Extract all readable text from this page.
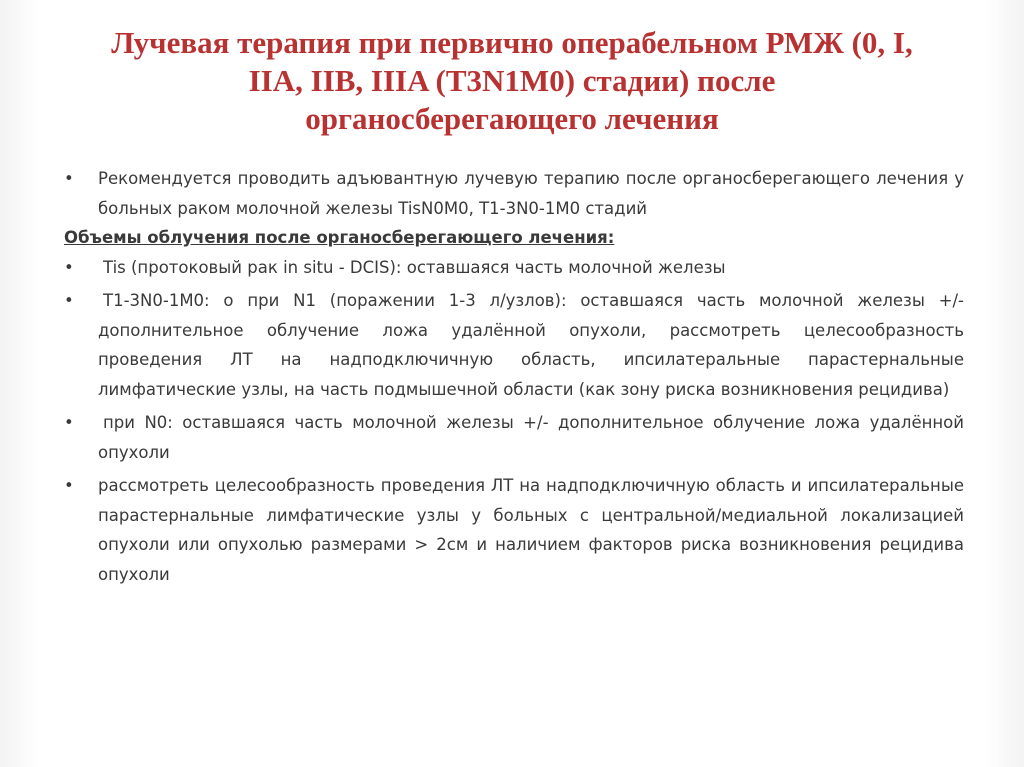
Лучевая терапия при первично операбельном РМЖ (0, I,
IIA, IIB, IIIA (T3N1M0) стадии) после
органосберегающего лечения

•	Рекомендуется проводить адъювантную лучевую терапию после органосберегающего лечения у больных раком молочной железы TisN0M0, T1-3N0-1M0 стадий

Объемы облучения после органосберегающего лечения:

•	Tis (протоковый рак in situ - DCIS): оставшаяся часть молочной железы

•	T1-3N0-1M0: о при N1 (поражении 1-3 л/узлов): оставшаяся часть молочной железы +/- дополнительное облучение ложа удалённой опухоли, рассмотреть целесообразность проведения ЛТ на надподключичную область, ипсилатеральные парастернальные лимфатические узлы, на часть подмышечной области (как зону риска возникновения рецидива)

•	при N0: оставшаяся часть молочной железы +/- дополнительное облучение ложа удалённой опухоли

•	рассмотреть целесообразность проведения ЛТ на надподключичную область и ипсилатеральные парастернальные лимфатические узлы у больных с центральной/медиальной локализацией опухоли или опухолью размерами > 2см и наличием факторов риска возникновения рецидива опухоли
